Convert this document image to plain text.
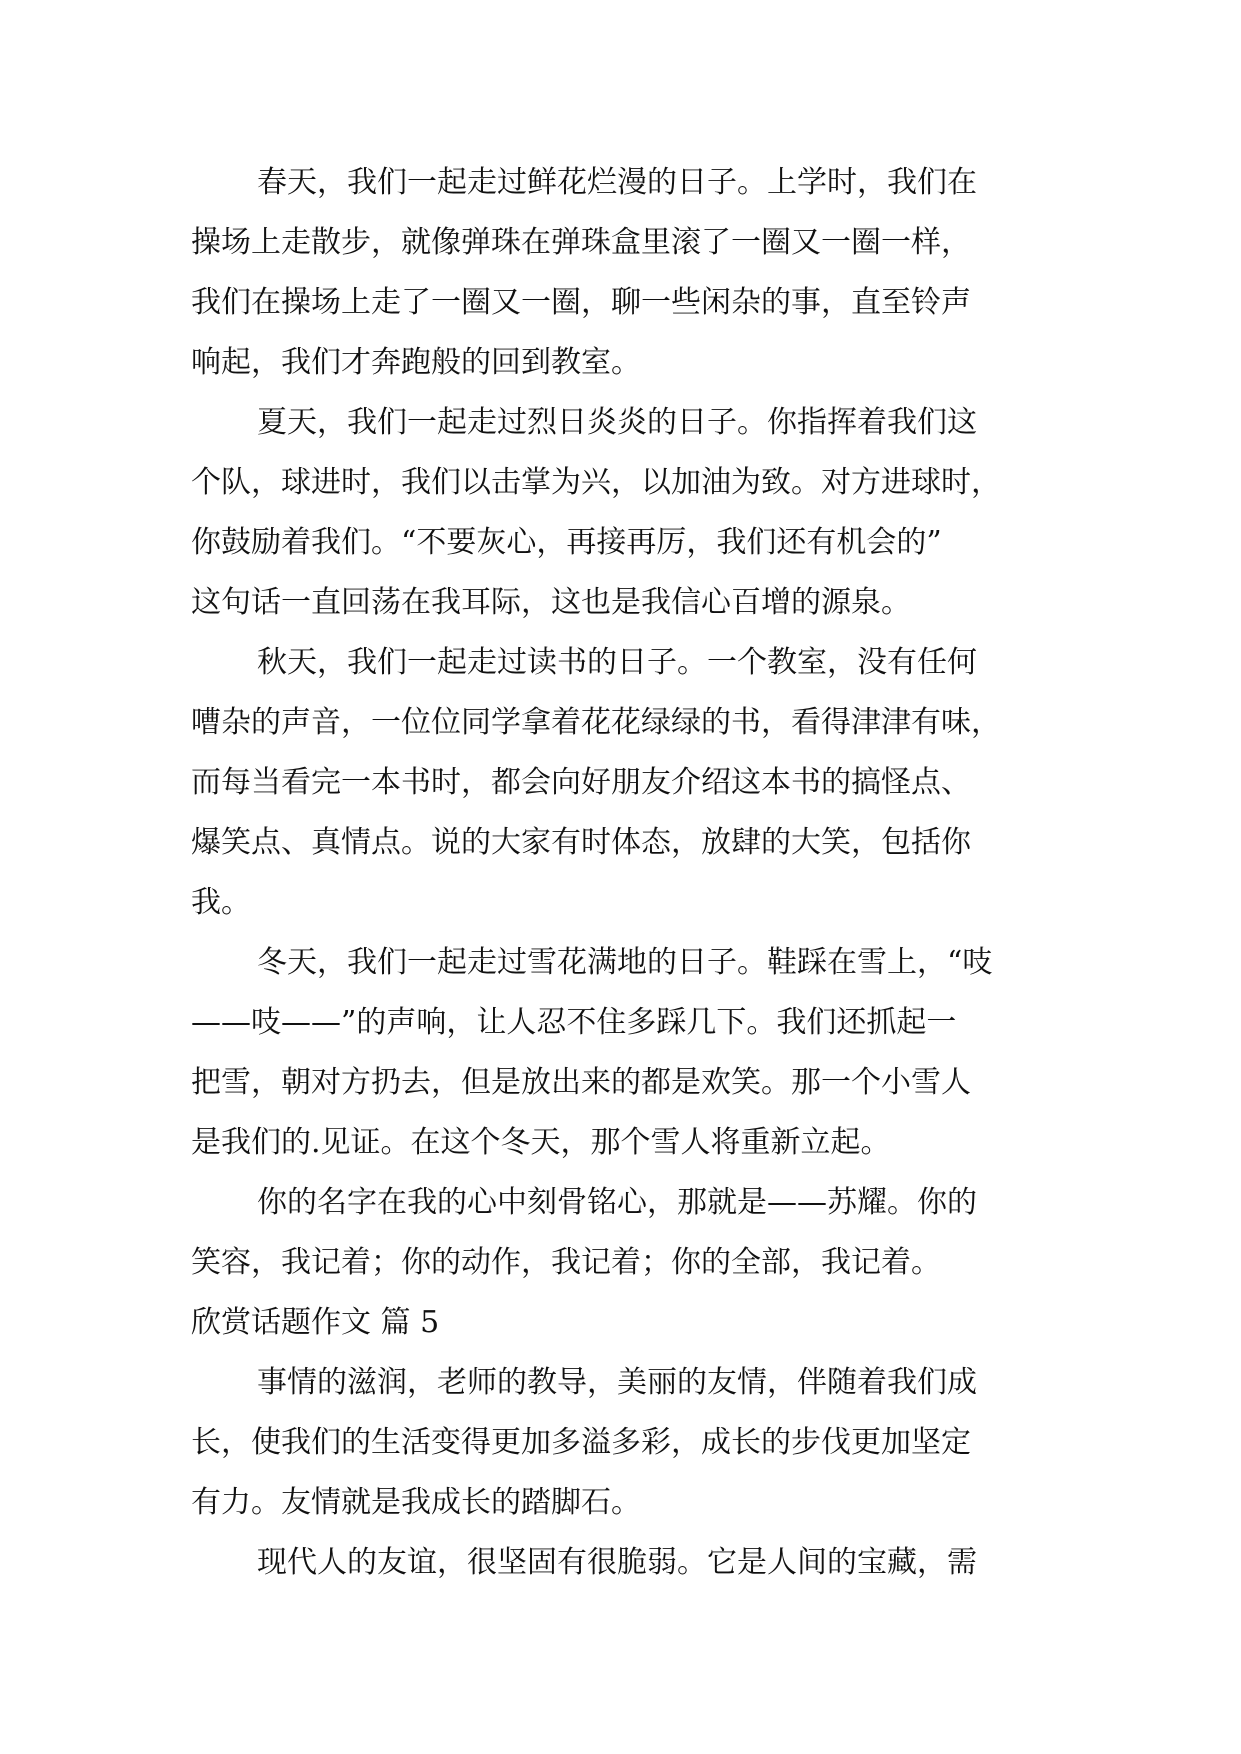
春天，我们一起走过鲜花烂漫的日子。上学时，我们在
操场上走散步，就像弹珠在弹珠盒里滚了一圈又一圈一样，
我们在操场上走了一圈又一圈，聊一些闲杂的事，直至铃声
响起，我们才奔跑般的回到教室。
夏天，我们一起走过烈日炎炎的日子。你指挥着我们这
个队，球进时，我们以击掌为兴，以加油为致。对方进球时，
你鼓励着我们。“不要灰心，再接再厉，我们还有机会的”
这句话一直回荡在我耳际，这也是我信心百增的源泉。
秋天，我们一起走过读书的日子。一个教室，没有任何
嘈杂的声音，一位位同学拿着花花绿绿的书，看得津津有味，
而每当看完一本书时，都会向好朋友介绍这本书的搞怪点、
爆笑点、真情点。说的大家有时体态，放肆的大笑，包括你
我。
冬天，我们一起走过雪花满地的日子。鞋踩在雪上，“吱
——吱——”的声响，让人忍不住多踩几下。我们还抓起一
把雪，朝对方扔去，但是放出来的都是欢笑。那一个小雪人
是我们的.见证。在这个冬天，那个雪人将重新立起。
你的名字在我的心中刻骨铭心，那就是——苏耀。你的
笑容，我记着；你的动作，我记着；你的全部，我记着。
欣赏话题作文 篇 5
事情的滋润，老师的教导，美丽的友情，伴随着我们成
长，使我们的生活变得更加多溢多彩，成长的步伐更加坚定
有力。友情就是我成长的踏脚石。
现代人的友谊，很坚固有很脆弱。它是人间的宝藏，需
